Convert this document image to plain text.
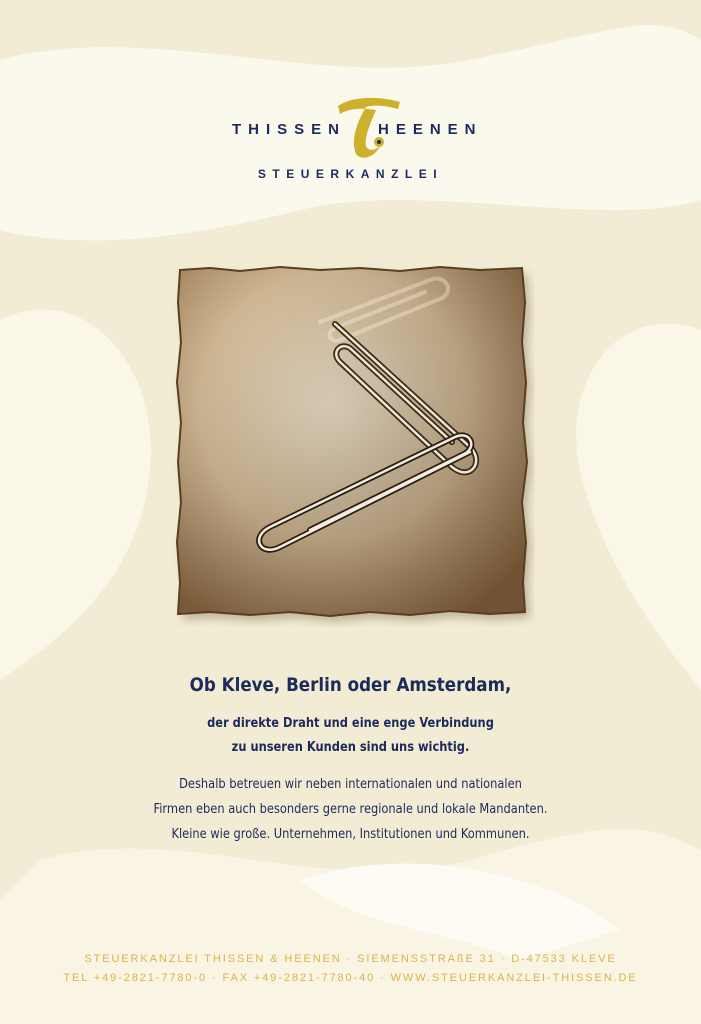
THISSEN HEENEN
STEUERKANZLEI
Ob Kleve, Berlin oder Amsterdam,
der direkte Draht und eine enge Verbindung
zu unseren Kunden sind uns wichtig.
Deshalb betreuen wir neben internationalen und nationalen
Firmen eben auch besonders gerne regionale und lokale Mandanten.
Kleine wie große. Unternehmen, Institutionen und Kommunen.
STEUERKANZLEI THISSEN & HEENEN · SIEMENSSTRAßE 31 · D-47533 KLEVE
TEL +49-2821-7780-0 · FAX +49-2821-7780-40 · WWW.STEUERKANZLEI-THISSEN.DE
